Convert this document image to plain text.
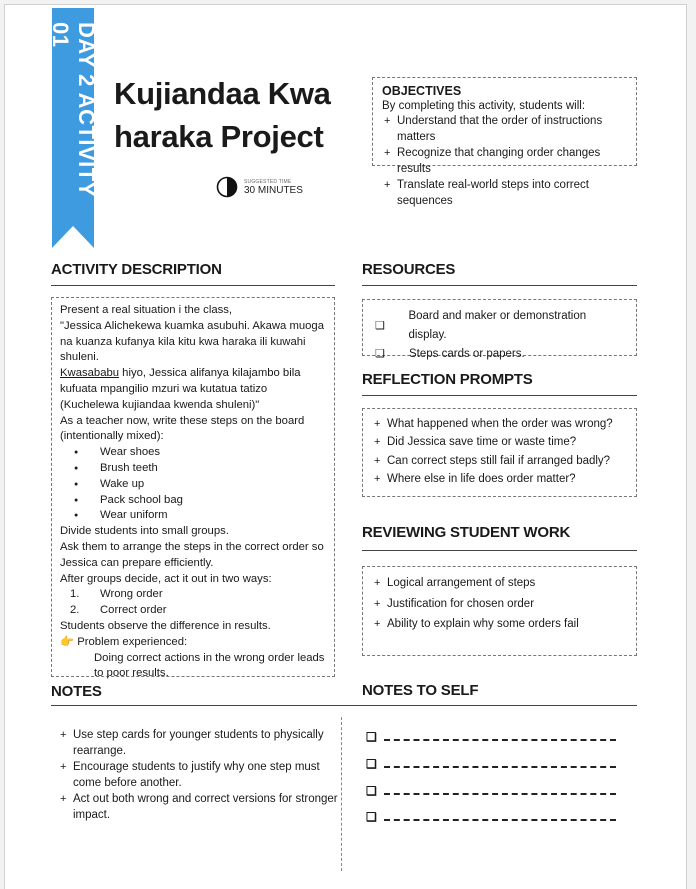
DAY 2 ACTIVITY 01
Kujiandaa Kwa
haraka Project
SUGGESTED TIME
30 MINUTES
OBJECTIVES

By completing this activity, students will:

+ Understand that the order of instructions matters
+ Recognize that changing order changes results
+ Translate real-world steps into correct sequences
ACTIVITY DESCRIPTION

Present a real situation i the class,

"Jessica Alichekewa kuamka asubuhi. Akawa muoga na kuanza kufanya kila kitu kwa haraka ili kuwahi shuleni.

Kwasababu hiyo, Jessica alifanya kilajambo bila kufuata mpangilio mzuri wa kutatua tatizo (Kuchelewa kujiandaa kwenda shuleni)"

As a teacher now, write these steps on the board (intentionally mixed):

● Wear shoes
● Brush teeth
● Wake up
● Pack school bag
● Wear uniform

Divide students into small groups.

Ask them to arrange the steps in the correct order so Jessica can prepare efficiently.

After groups decide, act it out in two ways:

1.	Wrong order
2.	Correct order

Students observe the difference in results.

👉 Problem experienced:

Doing correct actions in the wrong order leads to poor results.

RESOURCES
❑
Board and maker or demonstration display.
❑	Steps cards or papers.
REFLECTION PROMPTS
+ What happened when the order was wrong?
+ Did Jessica save time or waste time?
+ Can correct steps still fail if arranged badly?
+ Where else in life does order matter?
REVIEWING STUDENT WORK
+ Logical arrangement of steps
+ Justification for chosen order
+ Ability to explain why some orders fail
NOTES
+ Use step cards for younger students to physically rearrange.
+ Encourage students to justify why one step must come before another.
+ Act out both wrong and correct versions for stronger impact.
NOTES TO SELF
❑
❑
❑
❑
